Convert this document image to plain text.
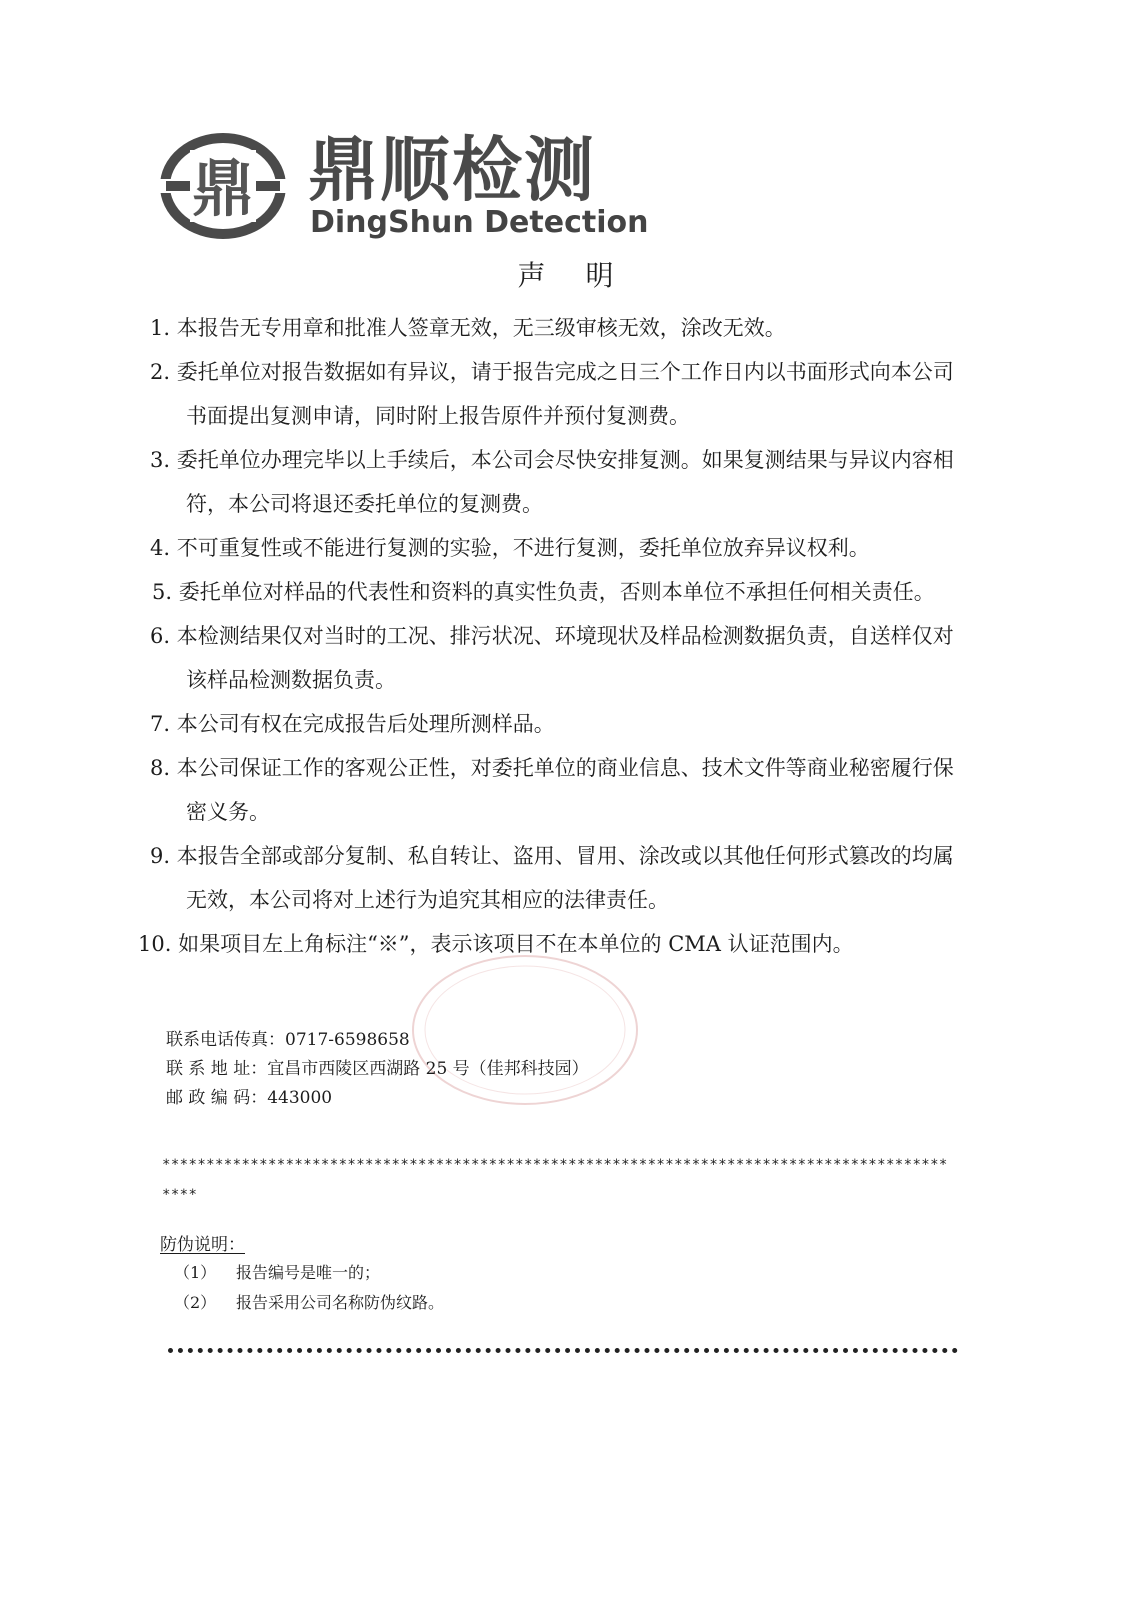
鼎 鼎顺检测
DingShun Detection
声明

1. 本报告无专用章和批准人签章无效，无三级审核无效，涂改无效。

2. 委托单位对报告数据如有异议，请于报告完成之日三个工作日内以书面形式向本公司书面提出复测申请，同时附上报告原件并预付复测费。

3. 委托单位办理完毕以上手续后，本公司会尽快安排复测。如果复测结果与异议内容相符，本公司将退还委托单位的复测费。

4. 不可重复性或不能进行复测的实验，不进行复测，委托单位放弃异议权利。

5. 委托单位对样品的代表性和资料的真实性负责，否则本单位不承担任何相关责任。

6. 本检测结果仅对当时的工况、排污状况、环境现状及样品检测数据负责，自送样仅对该样品检测数据负责。

7. 本公司有权在完成报告后处理所测样品。

8. 本公司保证工作的客观公正性，对委托单位的商业信息、技术文件等商业秘密履行保密义务。

9. 本报告全部或部分复制、私自转让、盗用、冒用、涂改或以其他任何形式篡改的均属无效，本公司将对上述行为追究其相应的法律责任。

10. 如果项目左上角标注“※”，表示该项目不在本单位的 CMA 认证范围内。

联系电话传真：0717-6598658
联 系 地 址：宜昌市西陵区西湖路 25 号（佳邦科技园）
邮 政 编 码：443000
*********************************************************************************************
防伪说明：
（1） 报告编号是唯一的；
（2） 报告采用公司名称防伪纹路。
